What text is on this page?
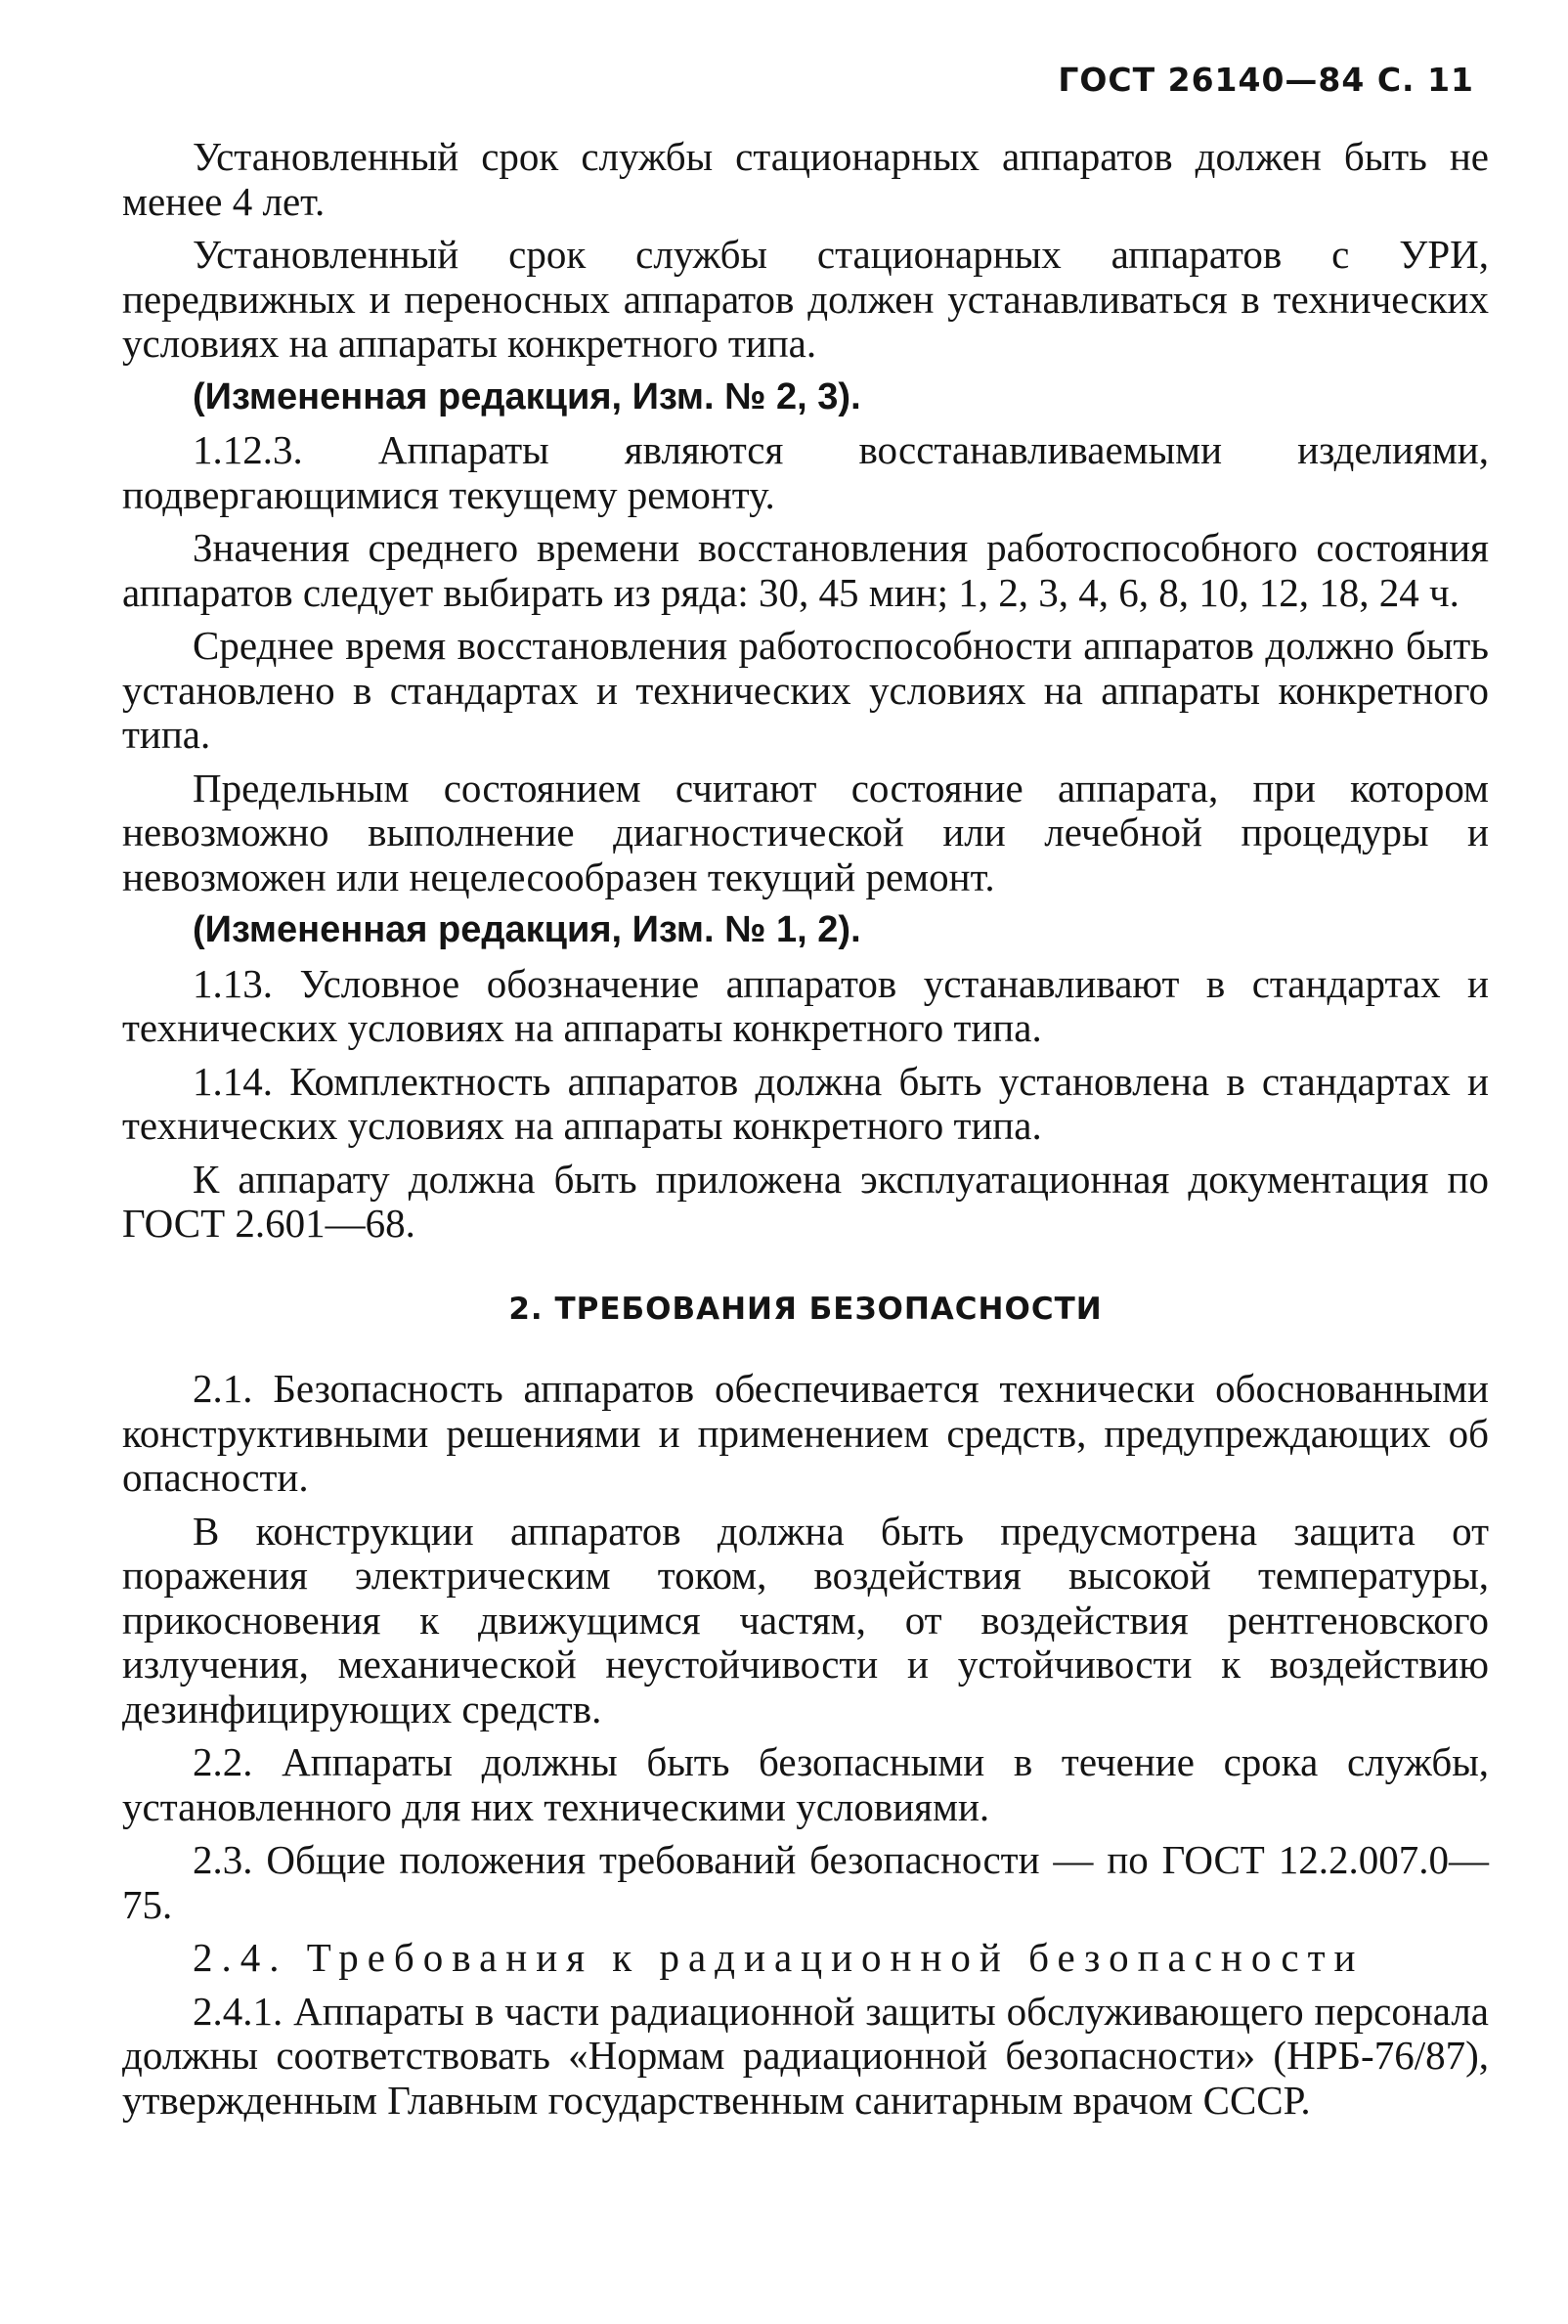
ГОСТ 26140—84 С. 11

Установленный срок службы стационарных аппаратов должен быть не менее 4 лет.

Установленный срок службы стационарных аппаратов с УРИ, передвижных и переносных аппаратов должен устанавливаться в технических условиях на аппараты конкретного типа.

(Измененная редакция, Изм. № 2, 3).

1.12.3. Аппараты являются восстанавливаемыми изделиями, подвергающимися текущему ремонту.

Значения среднего времени восстановления работоспособного состояния аппаратов следует выбирать из ряда: 30, 45 мин; 1, 2, 3, 4, 6, 8, 10, 12, 18, 24 ч.

Среднее время восстановления работоспособности аппаратов должно быть установлено в стандартах и технических условиях на аппараты конкретного типа.

Предельным состоянием считают состояние аппарата, при котором невозможно выполнение диагностической или лечебной процедуры и невозможен или нецелесообразен текущий ремонт.

(Измененная редакция, Изм. № 1, 2).

1.13. Условное обозначение аппаратов устанавливают в стандартах и технических условиях на аппараты конкретного типа.

1.14. Комплектность аппаратов должна быть установлена в стандартах и технических условиях на аппараты конкретного типа.

К аппарату должна быть приложена эксплуатационная документация по ГОСТ 2.601—68.

2. ТРЕБОВАНИЯ БЕЗОПАСНОСТИ

2.1. Безопасность аппаратов обеспечивается технически обоснованными конструктивными решениями и применением средств, предупреждающих об опасности.

В конструкции аппаратов должна быть предусмотрена защита от поражения электрическим током, воздействия высокой температуры, прикосновения к движущимся частям, от воздействия рентгеновского излучения, механической неустойчивости и устойчивости к воздействию дезинфицирующих средств.

2.2. Аппараты должны быть безопасными в течение срока службы, установленного для них техническими условиями.

2.3. Общие положения требований безопасности — по ГОСТ 12.2.007.0—75.

2.4. Требования к радиационной безопасности

2.4.1. Аппараты в части радиационной защиты обслуживающего персонала должны соответствовать «Нормам радиационной безопасности» (НРБ-76/87), утвержденным Главным государственным санитарным врачом СССР.
